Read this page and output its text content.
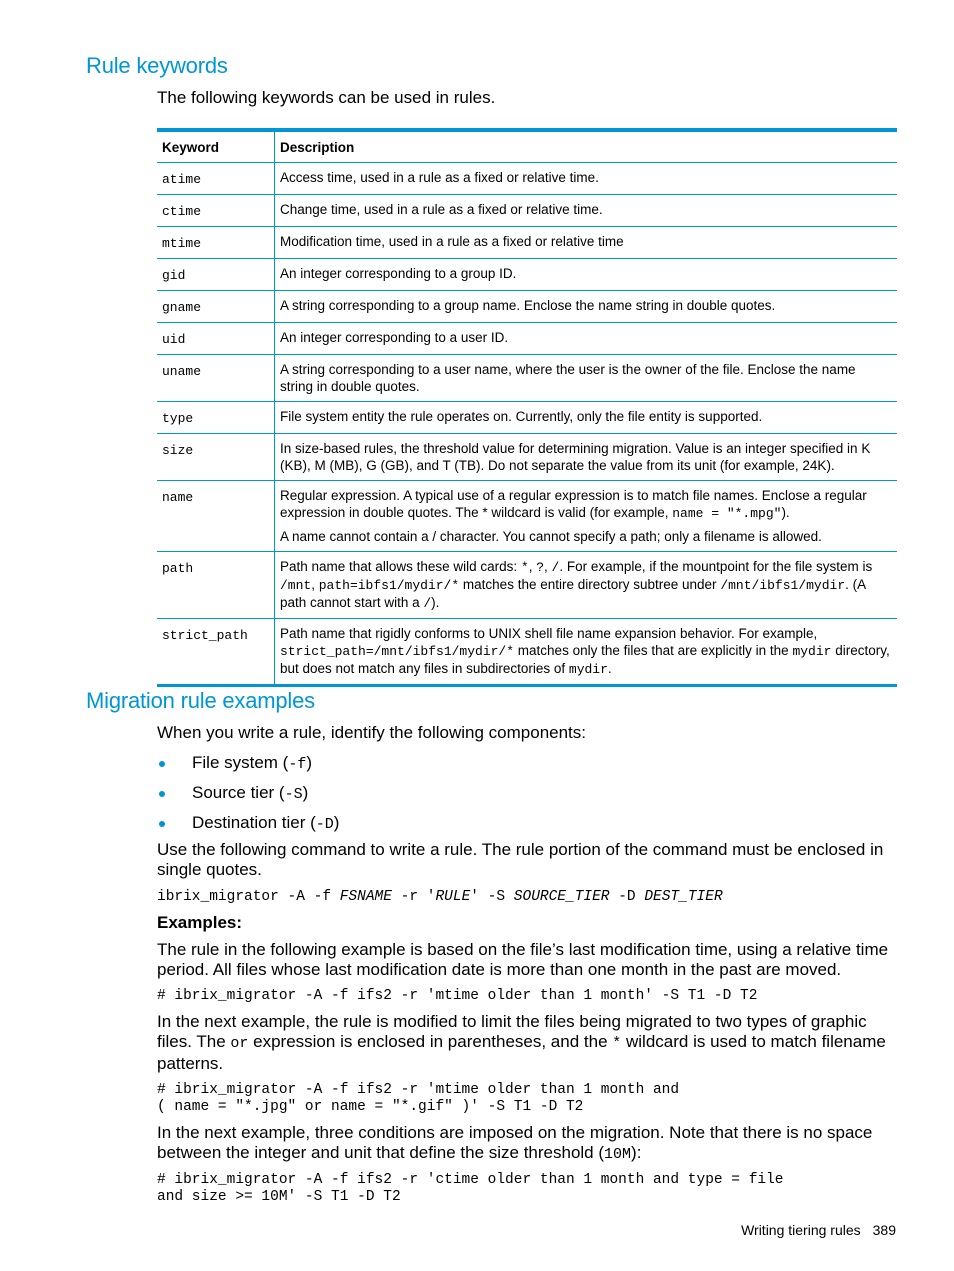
Rule keywords

The following keywords can be used in rules.

Keyword	Description
atime	Access time, used in a rule as a fixed or relative time.
ctime	Change time, used in a rule as a fixed or relative time.
mtime	Modification time, used in a rule as a fixed or relative time
gid	An integer corresponding to a group ID.
gname	A string corresponding to a group name. Enclose the name string in double quotes.
uid	An integer corresponding to a user ID.
uname	A string corresponding to a user name, where the user is the owner of the file. Enclose the name string in double quotes.
type	File system entity the rule operates on. Currently, only the file entity is supported.
size	In size-based rules, the threshold value for determining migration. Value is an integer specified in K (KB), M (MB), G (GB), and T (TB). Do not separate the value from its unit (for example, 24K).
name	Regular expression. A typical use of a regular expression is to match file names. Enclose a regular expression in double quotes. The * wildcard is valid (for example, name = "*.mpg").
A name cannot contain a / character. You cannot specify a path; only a filename is allowed.

path	Path name that allows these wild cards: *, ?, /. For example, if the mountpoint for the file system is /mnt, path=ibfs1/mydir/* matches the entire directory subtree under /mnt/ibfs1/mydir. (A path cannot start with a /).
strict_path	Path name that rigidly conforms to UNIX shell file name expansion behavior. For example, strict_path=/mnt/ibfs1/mydir/* matches only the files that are explicitly in the mydir directory, but does not match any files in subdirectories of mydir.
Migration rule examples

When you write a rule, identify the following components:

File system (-f)
Source tier (-S)
Destination tier (-D)

Use the following command to write a rule. The rule portion of the command must be enclosed in single quotes.

ibrix_migrator -A -f FSNAME -r 'RULE' -S SOURCE_TIER -D DEST_TIER

Examples:

The rule in the following example is based on the file’s last modification time, using a relative time period. All files whose last modification date is more than one month in the past are moved.

# ibrix_migrator -A -f ifs2 -r 'mtime older than 1 month' -S T1 -D T2

In the next example, the rule is modified to limit the files being migrated to two types of graphic files. The or expression is enclosed in parentheses, and the * wildcard is used to match filename patterns.

# ibrix_migrator -A -f ifs2 -r 'mtime older than 1 month and
( name = "*.jpg" or name = "*.gif" )' -S T1 -D T2

In the next example, three conditions are imposed on the migration. Note that there is no space between the integer and unit that define the size threshold (10M):

# ibrix_migrator -A -f ifs2 -r 'ctime older than 1 month and type = file
and size >= 10M' -S T1 -D T2

Writing tiering rules 389
